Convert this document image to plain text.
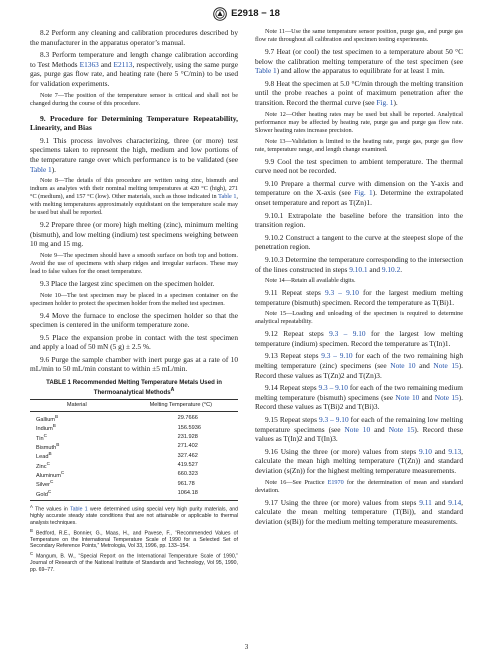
E2918 − 18

8.2 Perform any cleaning and calibration procedures described by the manufacturer in the apparatus operator’s manual.

8.3 Perform temperature and length change calibration according to Test Methods E1363 and E2113, respectively, using the same purge gas, purge gas flow rate, and heating rate (here 5 °C/min) to be used for validation experiments.

Note 7—The position of the temperature sensor is critical and shall not be changed during the course of this procedure.

9. Procedure for Determining Temperature Repeatability, Linearity, and Bias

9.1 This process involves characterizing, three (or more) test specimens taken to represent the high, medium and low portions of the temperature range over which performance is to be validated (see Table 1).

Note 8—The details of this procedure are written using zinc, bismuth and indium as analytes with their nominal melting temperatures at 420 °C (high), 271 °C (medium), and 157 °C (low). Other materials, such as those indicated in Table 1, with melting temperatures approximately equidistant on the temperature scale may be used but shall be reported.

9.2 Prepare three (or more) high melting (zinc), minimum melting (bismuth), and low melting (indium) test specimens weighing between 10 mg and 15 mg.

Note 9—The specimen should have a smooth surface on both top and bottom. Avoid the use of specimens with sharp ridges and irregular surfaces. These may lead to false values for the onset temperature.

9.3 Place the largest zinc specimen on the specimen holder.

Note 10—The test specimen may be placed in a specimen container on the specimen holder to protect the specimen holder from the melted test specimen.

9.4 Move the furnace to enclose the specimen holder so that the specimen is centered in the uniform temperature zone.

9.5 Place the expansion probe in contact with the test specimen and apply a load of 50 mN (5 g) ± 2.5 %.

9.6 Purge the sample chamber with inert purge gas at a rate of 10 mL/min to 50 mL/min constant to within ±5 mL/min.

TABLE 1 Recommended Melting Temperature Metals Used in Thermoanalytical Methods$^A$
Material	Melting Temperature (°C)
Gallium$^B$	29.7666
Indium$^B$	156.5936
Tin$^C$	231.928
Bismuth$^B$	271.402
Lead$^B$	327.462
Zinc$^C$	419.527
Aluminum$^C$	660.323
Silver$^C$	961.78
Gold$^C$	1064.18
$^A$ The values in Table 1 were determined using special very high purity materials, and highly accurate steady state conditions that are not attainable or applicable to thermal analysis techniques.
$^B$ Bedford, R.E., Bonnier, G., Maas, H., and Pavese, F., “Recommended Values of Temperature on the International Temperature Scale of 1990 for a Selected Set of Secondary Reference Points,” Metrologia, Vol 33, 1996, pp. 133–154.
$^C$ Mangum, B. W., “Special Report on the International Temperature Scale of 1990,” Journal of Research of the National Institute of Standards and Technology, Vol 95, 1990, pp. 69–77.

Note 11—Use the same temperature sensor position, purge gas, and purge gas flow rate throughout all calibration and specimen testing experiments.

9.7 Heat (or cool) the test specimen to a temperature about 50 °C below the calibration melting temperature of the test specimen (see Table 1) and allow the apparatus to equilibrate for at least 1 min.

9.8 Heat the specimen at 5.0 °C/min through the melting transition until the probe reaches a point of maximum penetration after the transition. Record the thermal curve (see Fig. 1).

Note 12—Other heating rates may be used but shall be reported. Analytical performance may be affected by heating rate, purge gas and purge gas flow rate. Slower heating rates increase precision.

Note 13—Validation is limited to the heating rate, purge gas, purge gas flow rate, temperature range, and length change examined.

9.9 Cool the test specimen to ambient temperature. The thermal curve need not be recorded.

9.10 Prepare a thermal curve with dimension on the Y-axis and temperature on the X-axis (see Fig. 1). Determine the extrapolated onset temperature and report as T(Zn)1.

9.10.1 Extrapolate the baseline before the transition into the transition region.

9.10.2 Construct a tangent to the curve at the steepest slope of the penetration region.

9.10.3 Determine the temperature corresponding to the intersection of the lines constructed in steps 9.10.1 and 9.10.2.

Note 14—Retain all available digits.

9.11 Repeat steps 9.3 – 9.10 for the largest medium melting temperature (bismuth) specimen. Record the temperature as T(Bi)1.

Note 15—Loading and unloading of the specimen is required to determine analytical repeatability.

9.12 Repeat steps 9.3 – 9.10 for the largest low melting temperature (indium) specimen. Record the temperature as T(In)1.

9.13 Repeat steps 9.3 – 9.10 for each of the two remaining high melting temperature (zinc) specimens (see Note 10 and Note 15). Record these values as T(Zn)2 and T(Zn)3.

9.14 Repeat steps 9.3 – 9.10 for each of the two remaining medium melting temperature (bismuth) specimens (see Note 10 and Note 15). Record these values as T(Bi)2 and T(Bi)3.

9.15 Repeat steps 9.3 – 9.10 for each of the remaining low melting temperature specimens (see Note 10 and Note 15). Record these values as T(In)2 and T(In)3.

9.16 Using the three (or more) values from steps 9.10 and 9.13, calculate the mean high melting temperature (T(Zn)) and standard deviation (s(Zn)) for the highest melting temperature measurements.

Note 16—See Practice E1970 for the determination of mean and standard deviation.

9.17 Using the three (or more) values from steps 9.11 and 9.14, calculate the mean melting temperature (T(Bi)), and standard deviation (s(Bi)) for the medium melting temperature measurements.

3
